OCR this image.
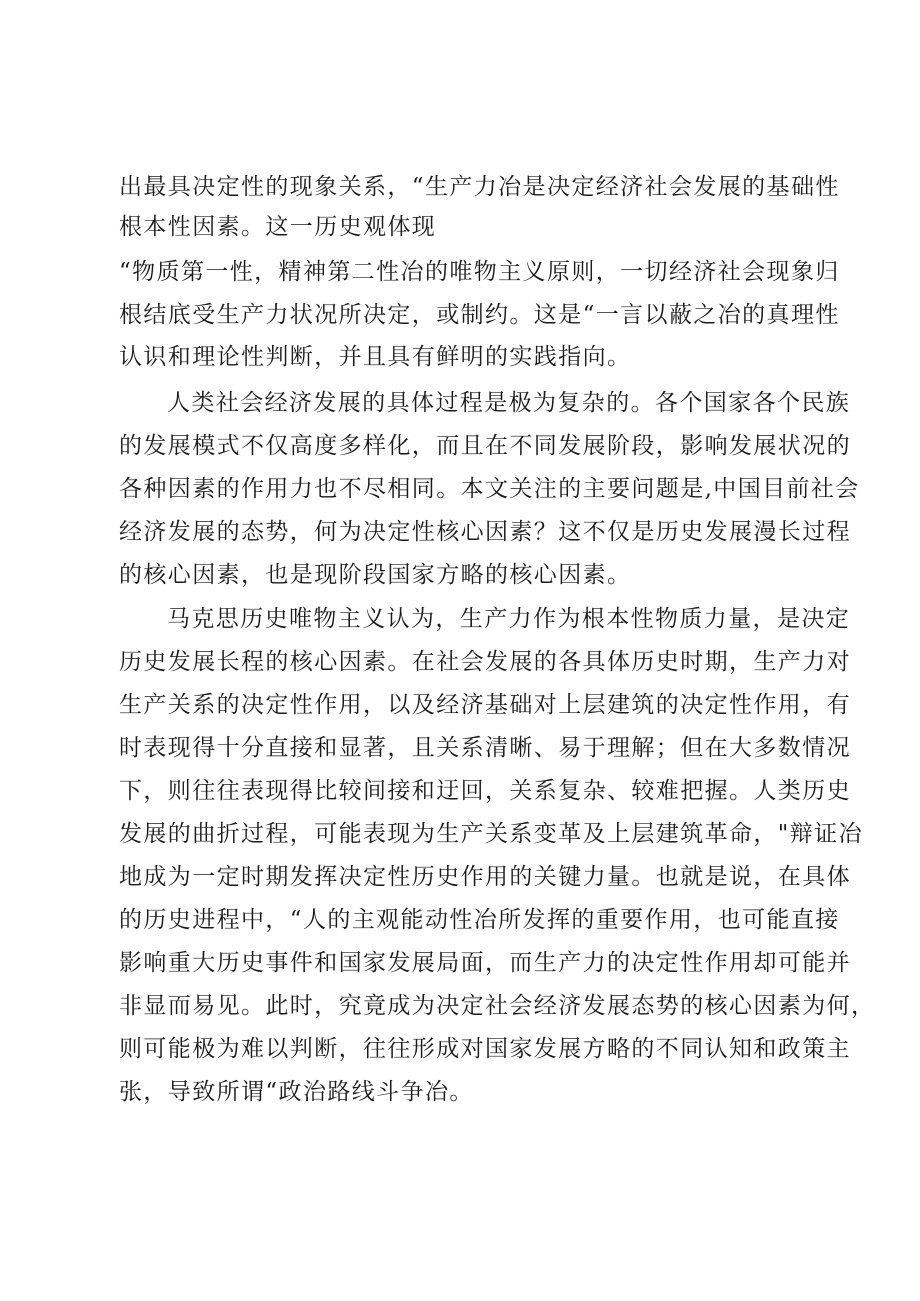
出最具决定性的现象关系，“生产力冶是决定经济社会发展的基础性

根本性因素。这一历史观体现

“物质第一性，精神第二性冶的唯物主义原则，一切经济社会现象归

根结底受生产力状况所决定，或制约。这是“一言以蔽之冶的真理性

认识和理论性判断，并且具有鲜明的实践指向。

人类社会经济发展的具体过程是极为复杂的。各个国家各个民族

的发展模式不仅高度多样化，而且在不同发展阶段，影响发展状况的

各种因素的作用力也不尽相同。本文关注的主要问题是,中国目前社会

经济发展的态势，何为决定性核心因素？这不仅是历史发展漫长过程

的核心因素，也是现阶段国家方略的核心因素。

马克思历史唯物主义认为，生产力作为根本性物质力量，是决定

历史发展长程的核心因素。在社会发展的各具体历史时期，生产力对

生产关系的决定性作用，以及经济基础对上层建筑的决定性作用，有

时表现得十分直接和显著，且关系清晰、易于理解；但在大多数情况

下，则往往表现得比较间接和迂回，关系复杂、较难把握。人类历史

发展的曲折过程，可能表现为生产关系变革及上层建筑革命，"辩证冶

地成为一定时期发挥决定性历史作用的关键力量。也就是说，在具体

的历史进程中，“人的主观能动性冶所发挥的重要作用，也可能直接

影响重大历史事件和国家发展局面，而生产力的决定性作用却可能并

非显而易见。此时，究竟成为决定社会经济发展态势的核心因素为何，

则可能极为难以判断，往往形成对国家发展方略的不同认知和政策主

张，导致所谓“政治路线斗争冶。
